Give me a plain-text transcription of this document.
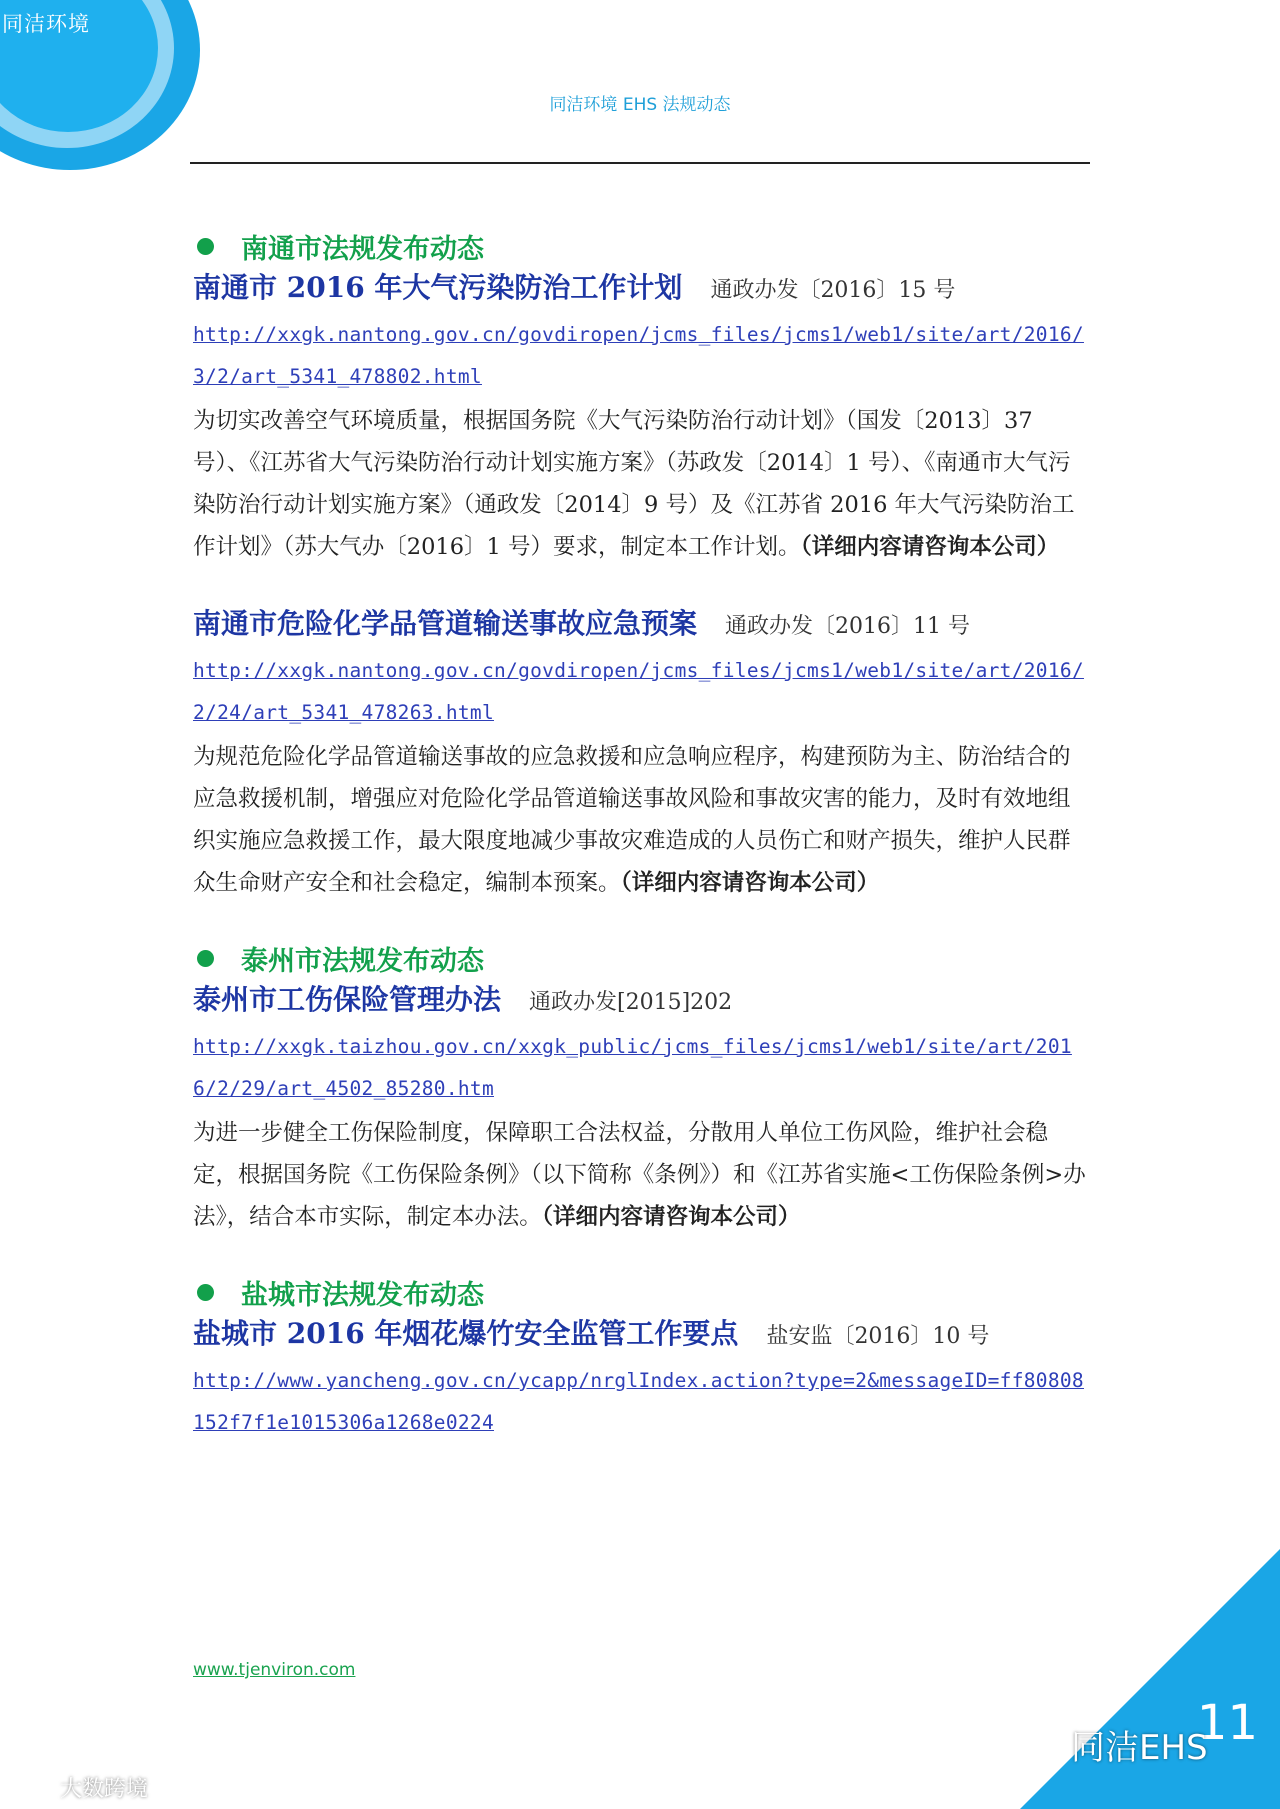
同洁环境
同洁环境 EHS 法规动态
南通市法规发布动态
南通市 2016 年大气污染防治工作计划 通政办发〔2016〕15 号
http://xxgk.nantong.gov.cn/govdiropen/jcms_files/jcms1/web1/site/art/2016/3/2/art_5341_478802.html
为切实改善空气环境质量，根据国务院《大气污染防治行动计划》（国发〔2013〕37 号）、《江苏省大气污染防治行动计划实施方案》（苏政发〔2014〕1 号）、《南通市大气污染防治行动计划实施方案》（通政发〔2014〕9 号）及《江苏省 2016 年大气污染防治工作计划》（苏大气办〔2016〕1 号）要求，制定本工作计划。（详细内容请咨询本公司）
南通市危险化学品管道输送事故应急预案 通政办发〔2016〕11 号
http://xxgk.nantong.gov.cn/govdiropen/jcms_files/jcms1/web1/site/art/2016/2/24/art_5341_478263.html
为规范危险化学品管道输送事故的应急救援和应急响应程序，构建预防为主、防治结合的应急救援机制，增强应对危险化学品管道输送事故风险和事故灾害的能力，及时有效地组织实施应急救援工作，最大限度地减少事故灾难造成的人员伤亡和财产损失，维护人民群众生命财产安全和社会稳定，编制本预案。（详细内容请咨询本公司）
泰州市法规发布动态
泰州市工伤保险管理办法 通政办发[2015]202
http://xxgk.taizhou.gov.cn/xxgk_public/jcms_files/jcms1/web1/site/art/2016/2/29/art_4502_85280.htm
为进一步健全工伤保险制度，保障职工合法权益，分散用人单位工伤风险，维护社会稳定，根据国务院《工伤保险条例》（以下简称《条例》）和《江苏省实施<工伤保险条例>办法》，结合本市实际，制定本办法。（详细内容请咨询本公司）
盐城市法规发布动态
盐城市 2016 年烟花爆竹安全监管工作要点 盐安监〔2016〕10 号
http://www.yancheng.gov.cn/ycapp/nrglIndex.action?type=2&messageID=ff80808152f7f1e1015306a1268e0224
www.tjenviron.com
11
同洁EHS
大数跨境
